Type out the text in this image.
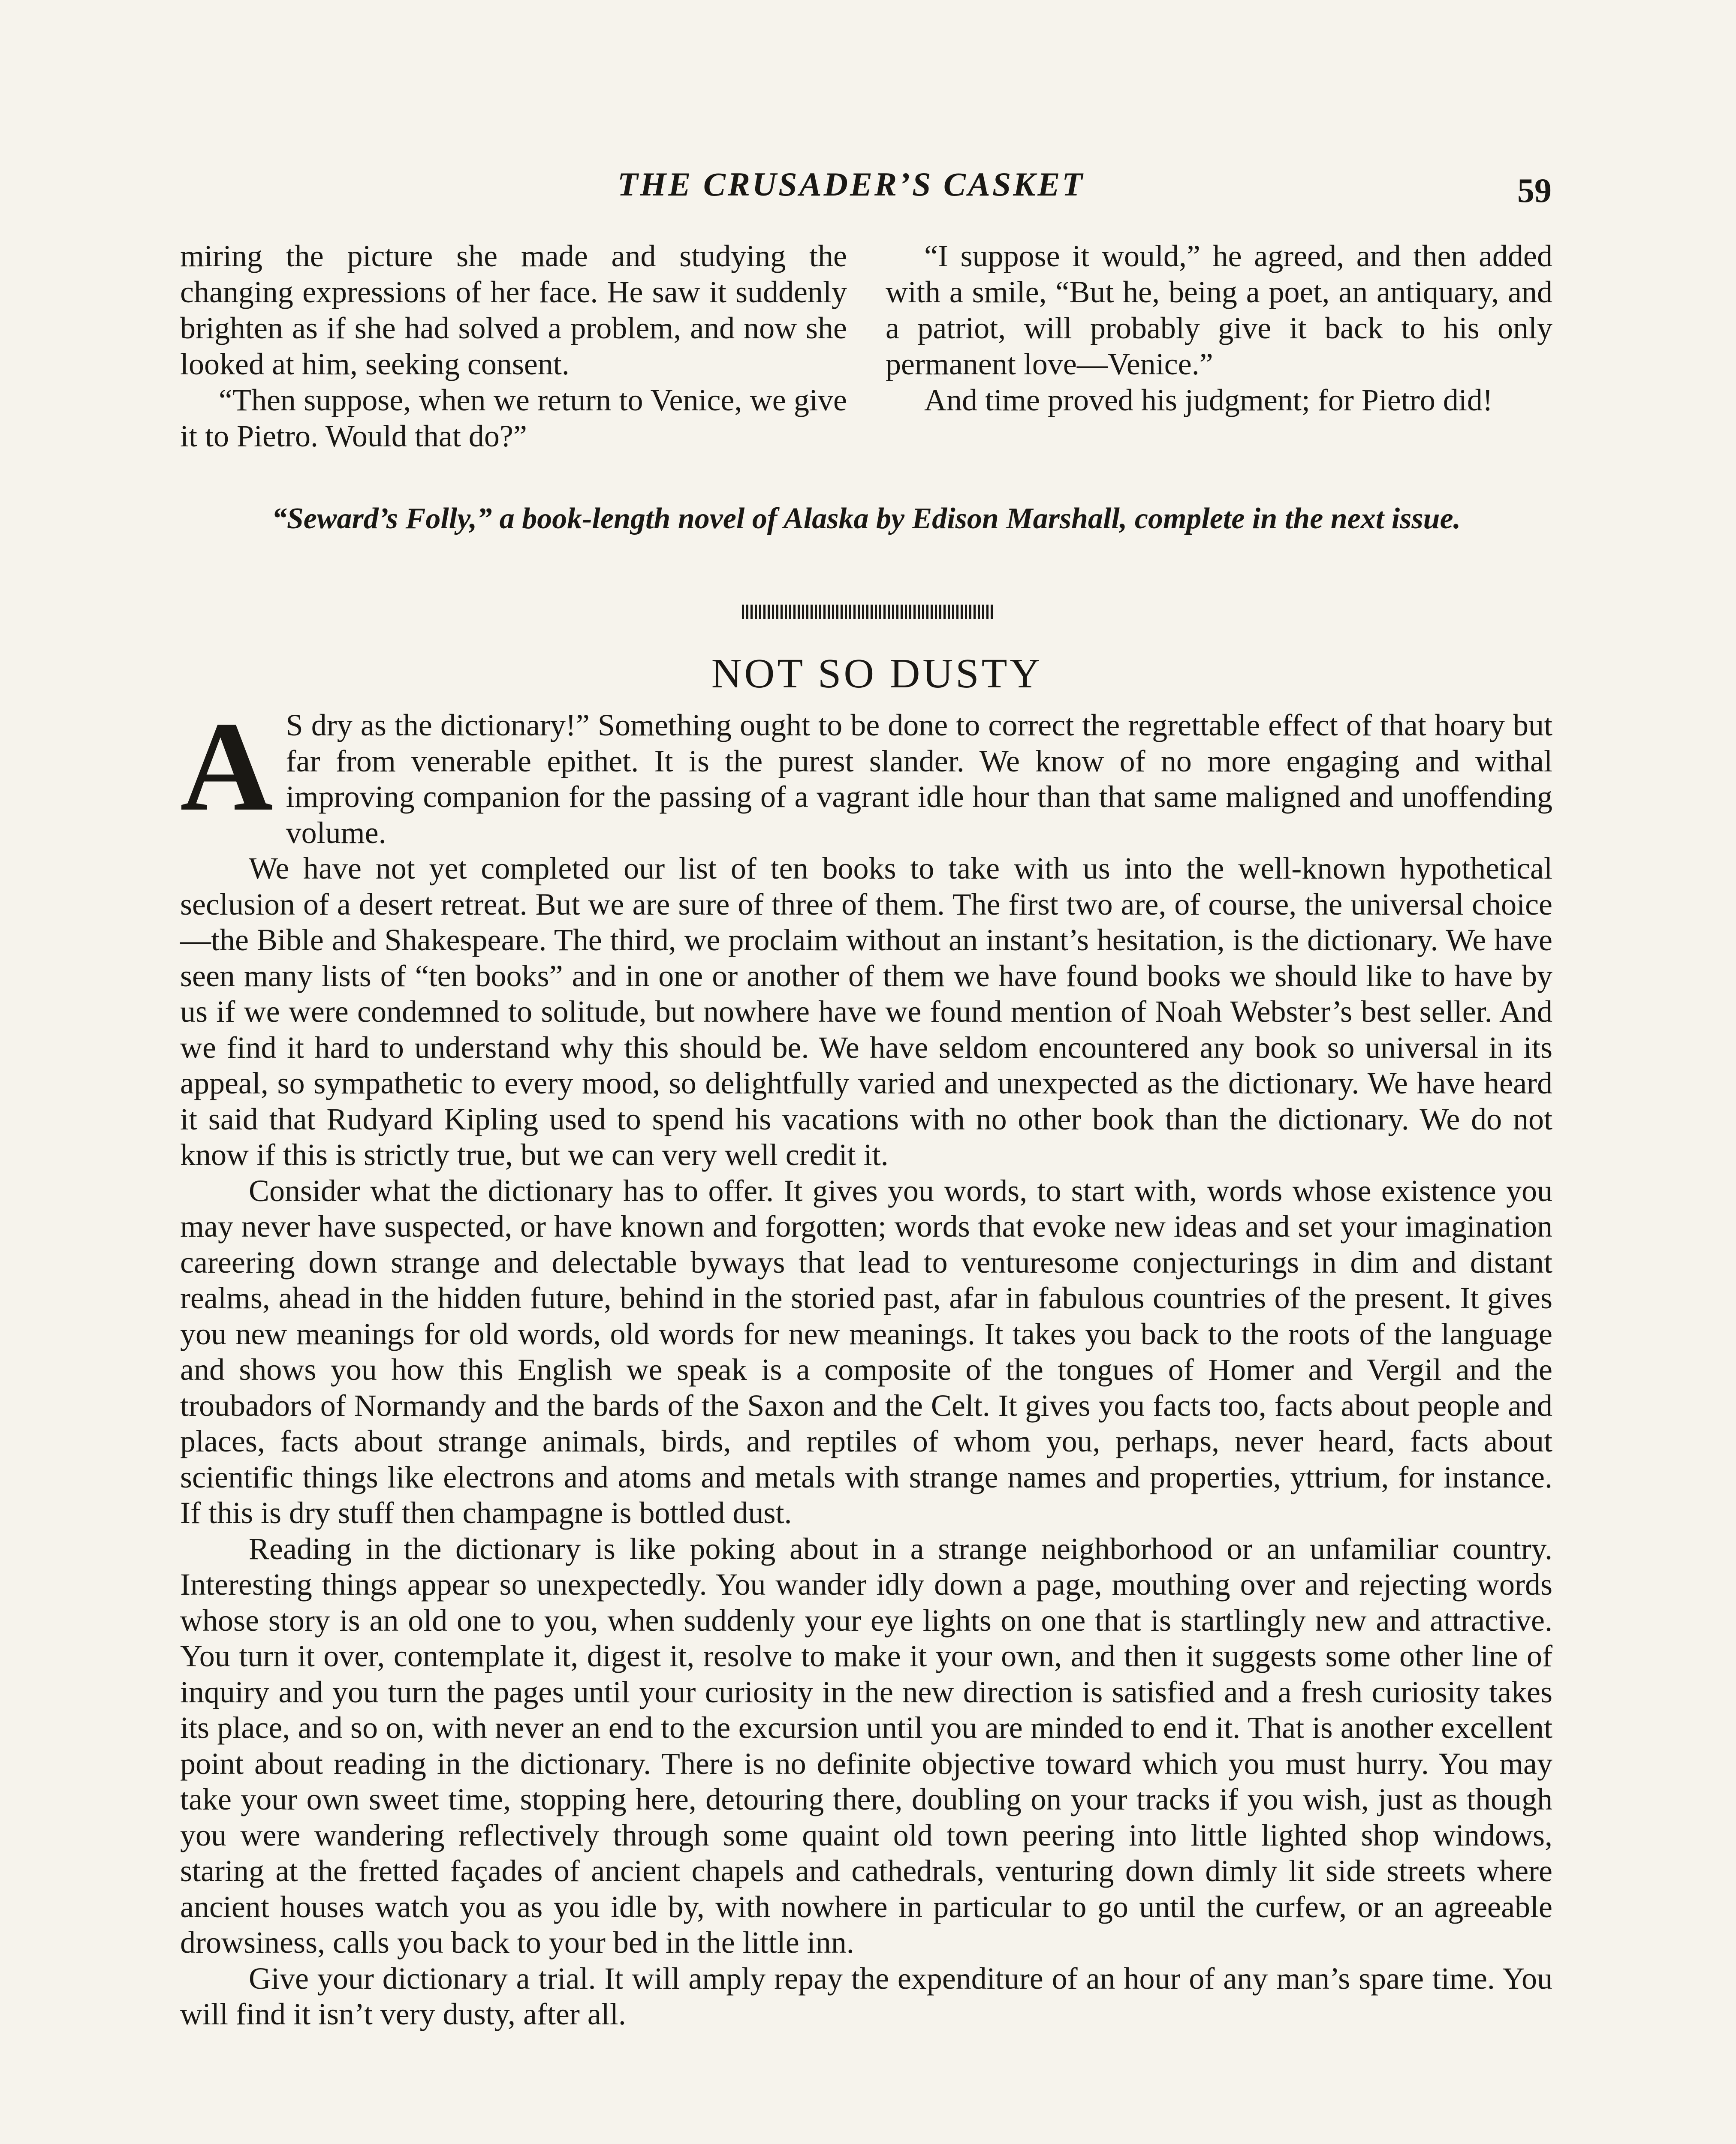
THE CRUSADER’S CASKET	59

miring the picture she made and studying the changing expressions of her face. He saw it suddenly brighten as if she had solved a problem, and now she looked at him, seeking consent.

“Then suppose, when we return to Venice, we give it to Pietro. Would that do?”

“I suppose it would,” he agreed, and then added with a smile, “But he, being a poet, an antiquary, and a patriot, will probably give it back to his only permanent love—Venice.”

And time proved his judgment; for Pietro did!

“Seward’s Folly,” a book-length novel of Alaska by Edison Marshall, complete in the next issue.
NOT SO DUSTY

A S dry as the dictionary!” Something ought to be done to correct the regrettable effect of that hoary but far from venerable epithet. It is the purest slander. We know of no more engaging and withal improving companion for the passing of a vagrant idle hour than that same maligned and unoffending volume.

We have not yet completed our list of ten books to take with us into the well-known hypothetical seclusion of a desert retreat. But we are sure of three of them. The first two are, of course, the universal choice—the Bible and Shakespeare. The third, we proclaim without an instant’s hesitation, is the dictionary. We have seen many lists of “ten books” and in one or another of them we have found books we should like to have by us if we were condemned to solitude, but nowhere have we found mention of Noah Webster’s best seller. And we find it hard to understand why this should be. We have seldom encountered any book so universal in its appeal, so sympathetic to every mood, so delightfully varied and unexpected as the dictionary. We have heard it said that Rudyard Kipling used to spend his vacations with no other book than the dictionary. We do not know if this is strictly true, but we can very well credit it.

Consider what the dictionary has to offer. It gives you words, to start with, words whose existence you may never have suspected, or have known and forgotten; words that evoke new ideas and set your imagination careering down strange and delectable byways that lead to venturesome conjecturings in dim and distant realms, ahead in the hidden future, behind in the storied past, afar in fabulous countries of the present. It gives you new meanings for old words, old words for new meanings. It takes you back to the roots of the language and shows you how this English we speak is a composite of the tongues of Homer and Vergil and the troubadors of Normandy and the bards of the Saxon and the Celt. It gives you facts too, facts about people and places, facts about strange animals, birds, and reptiles of whom you, perhaps, never heard, facts about scientific things like electrons and atoms and metals with strange names and properties, yttrium, for instance. If this is dry stuff then champagne is bottled dust.

Reading in the dictionary is like poking about in a strange neighborhood or an unfamiliar country. Interesting things appear so unexpectedly. You wander idly down a page, mouthing over and rejecting words whose story is an old one to you, when suddenly your eye lights on one that is startlingly new and attractive. You turn it over, contemplate it, digest it, resolve to make it your own, and then it suggests some other line of inquiry and you turn the pages until your curiosity in the new direction is satisfied and a fresh curiosity takes its place, and so on, with never an end to the excursion until you are minded to end it. That is another excellent point about reading in the dictionary. There is no definite objective toward which you must hurry. You may take your own sweet time, stopping here, detouring there, doubling on your tracks if you wish, just as though you were wandering reflectively through some quaint old town peering into little lighted shop windows, staring at the fretted façades of ancient chapels and cathedrals, venturing down dimly lit side streets where ancient houses watch you as you idle by, with nowhere in particular to go until the curfew, or an agreeable drowsiness, calls you back to your bed in the little inn.

Give your dictionary a trial. It will amply repay the expenditure of an hour of any man’s spare time. You will find it isn’t very dusty, after all.
